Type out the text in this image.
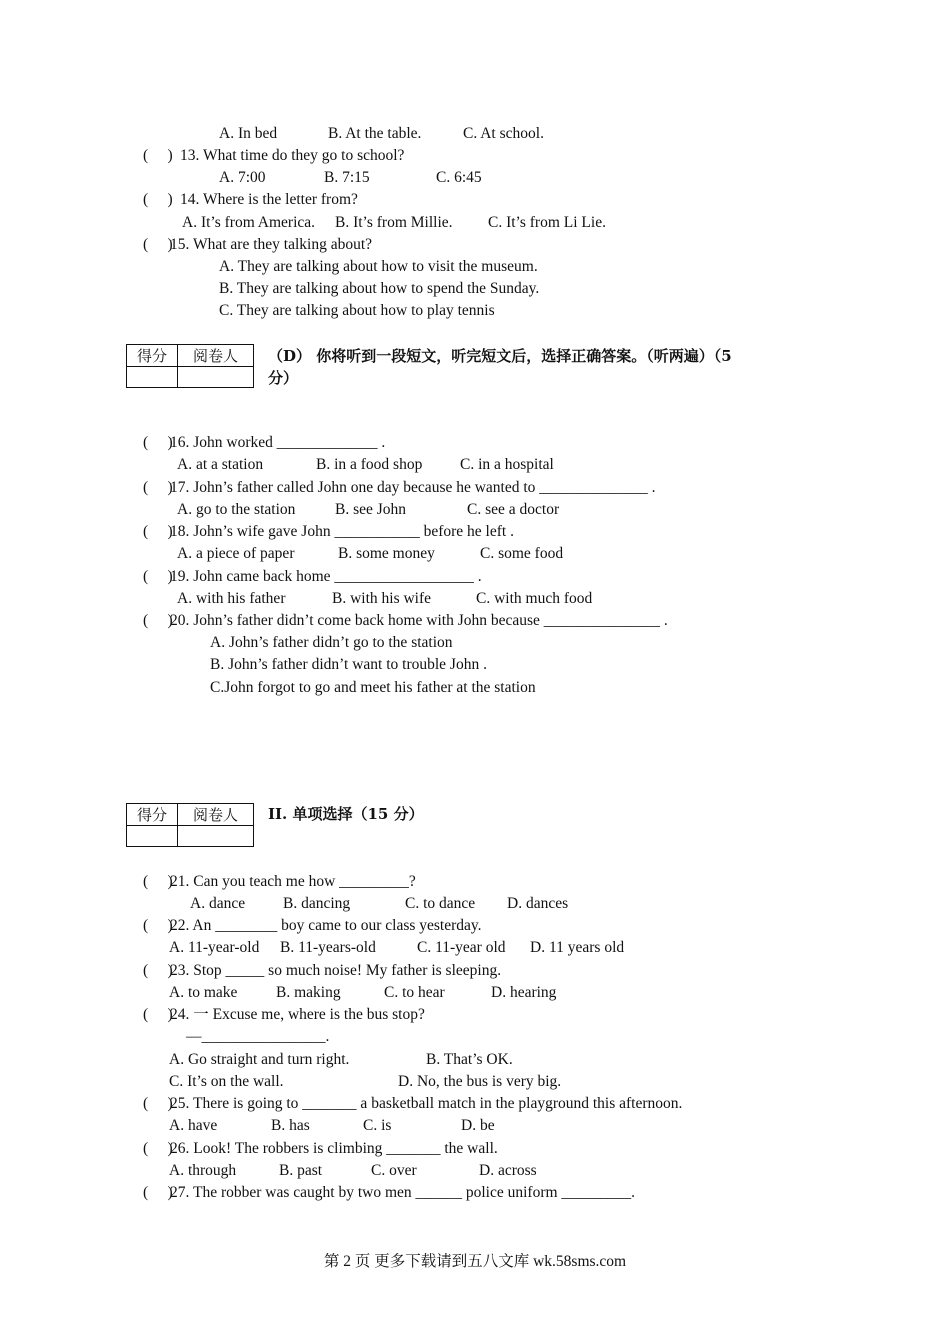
A. In bed	B. At the table.	C. At school.
(     ) 13. What time do they go to school?
A. 7:00	B. 7:15	C. 6:45
(     ) 14. Where is the letter from?
A. It’s from America. B. It’s from Millie. C. It’s from Li Lie.
(     )
15. What are they talking about?
A. They are talking about how to visit the museum.
B. They are talking about how to spend the Sunday.
C. They are talking about how to play tennis
得分	阅卷人
	（D） 你将听到一段短文，听完短文后，选择正确答案。（听两遍）（5
分）
(     )
16. John worked _____________ .
A. at a station	B. in a food shop C. in a hospital
(     )
17. John’s father called John one day because he wanted to ______________ .
A. go to the station	B. see John	C. see a doctor
(     )
18. John’s wife gave John ___________ before he left .
A. a piece of paper	B. some money	C. some food
(     )
19. John came back home __________________ .
A. with his father	B. with his wife	C. with much food
(     )
20. John’s father didn’t come back home with John because _______________ .
A. John’s father didn’t go to the station
B. John’s father didn’t want to trouble John .
C.John forgot to go and meet his father at the station
得分	阅卷人
	II. 单项选择（15 分）
(     )
21. Can you teach me how _________?
A. dance B. dancing	C. to dance D. dances
(     )
22. An ________ boy came to our class yesterday.
A. 11-year-old B. 11-years-old	C. 11-year old D. 11 years old
(     )
23. Stop _____ so much noise! My father is sleeping.
A. to make B. making	C. to hear	D. hearing
(     )
24. 一 Excuse me, where is the bus stop?
—________________.
A. Go straight and turn right.	B. That’s OK.
C. It’s on the wall.	D. No, the bus is very big.
(     )
25. There is going to _______ a basketball match in the playground this afternoon.
A. have	B. has	C. is	D. be
(     )
26. Look! The robbers is climbing _______ the wall.
A. through	B. past	C. over	D. across
(     )
27. The robber was caught by two men ______ police uniform _________.
第 2 页 更多下载请到五八文库 wk.58sms.com
